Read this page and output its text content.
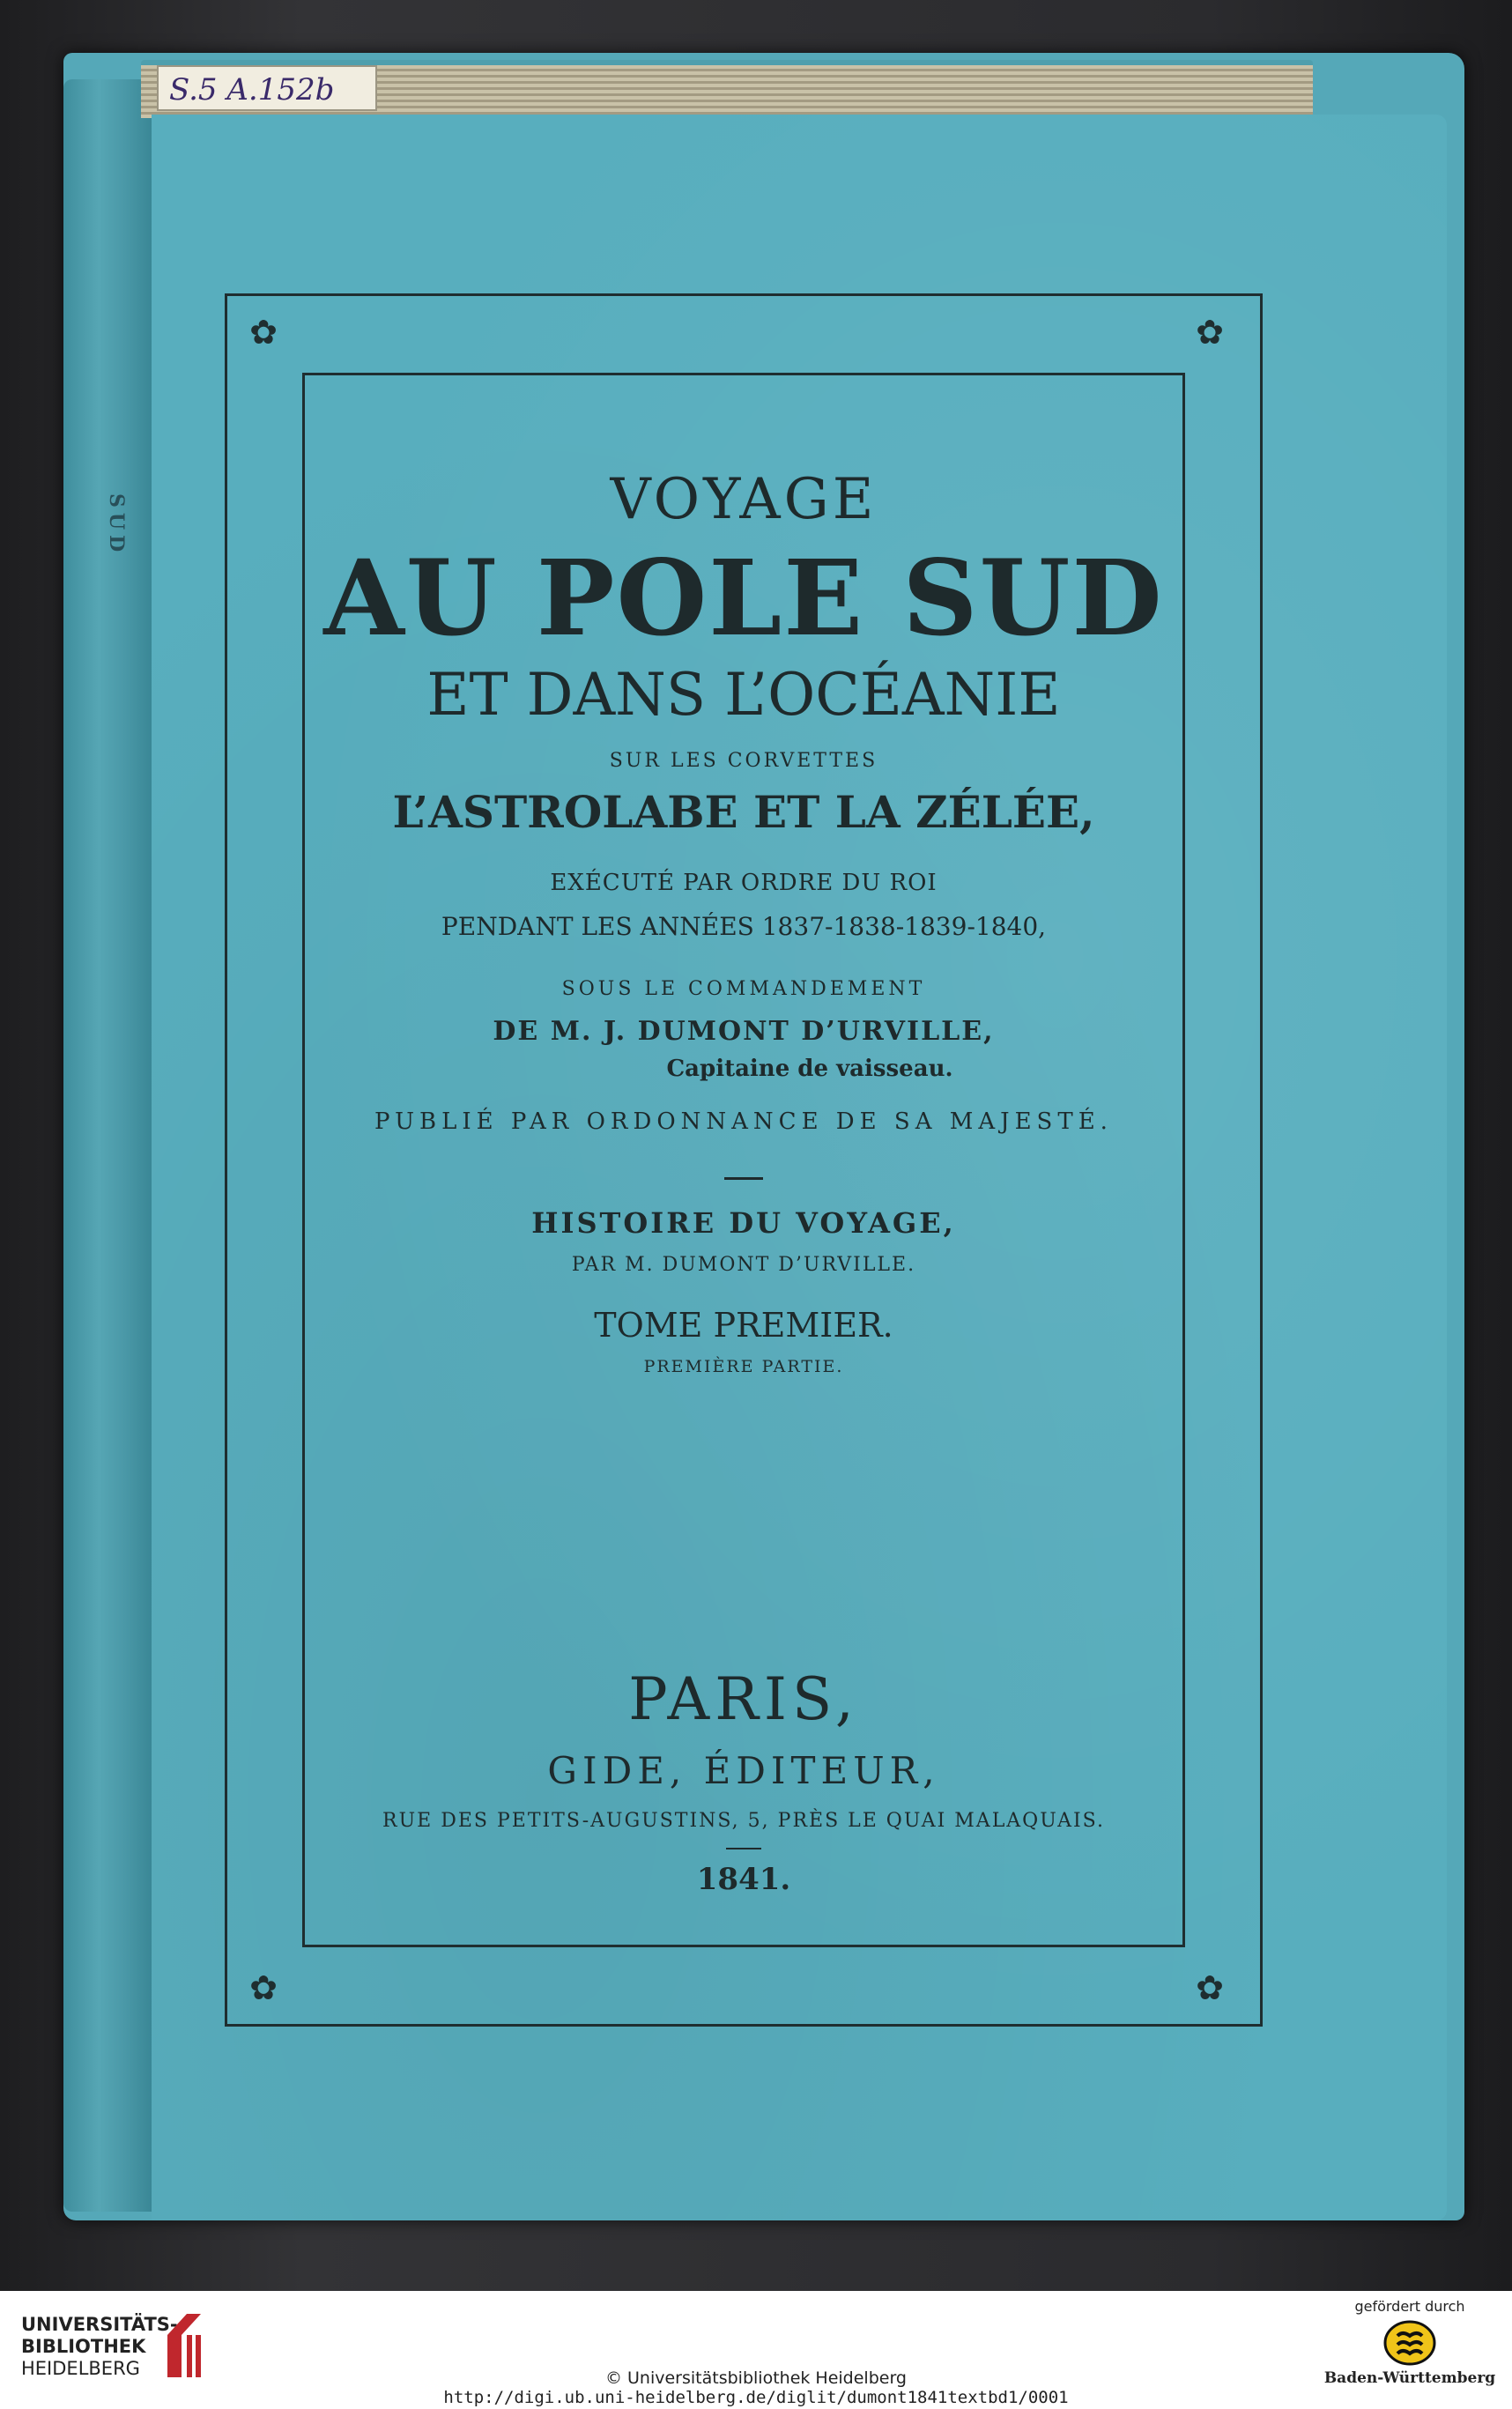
SUD
S.5 A.152b
✿	✿
✿	✿
VOYAGE
AU POLE SUD
ET DANS L’OCÉANIE
SUR LES CORVETTES
L’ASTROLABE ET LA ZÉLÉE,
EXÉCUTÉ PAR ORDRE DU ROI
PENDANT LES ANNÉES 1837-1838-1839-1840,
SOUS LE COMMANDEMENT
DE M. J. DUMONT D’URVILLE,
Capitaine de vaisseau.
PUBLIÉ PAR ORDONNANCE DE SA MAJESTÉ.
HISTOIRE DU VOYAGE,
PAR M. DUMONT D’URVILLE.
TOME PREMIER.
PREMIÈRE PARTIE.
PARIS,
GIDE, ÉDITEUR,
RUE DES PETITS-AUGUSTINS, 5, PRÈS LE QUAI MALAQUAIS.
1841.
UNIVERSITÄTS-
BIBLIOTHEK
HEIDELBERG	© Universitätsbibliothek Heidelberg
http://digi.ub.uni-heidelberg.de/diglit/dumont1841textbd1/0001
gefördert durch
Baden-Württemberg
